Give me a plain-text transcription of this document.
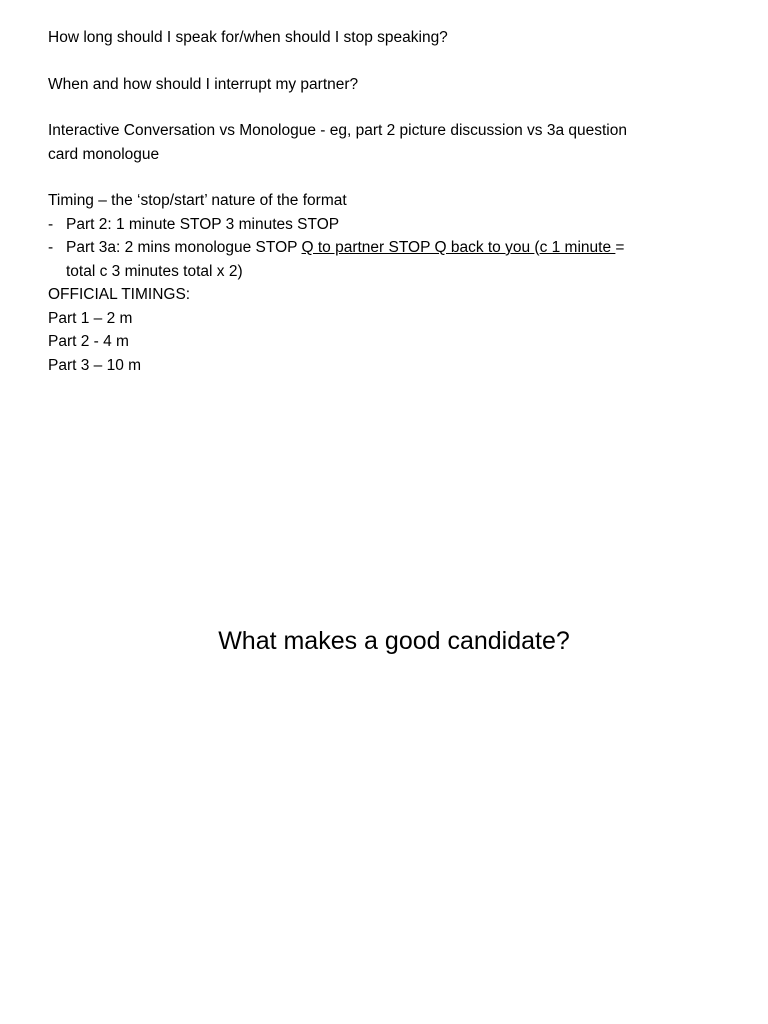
How long should I speak for/when should I stop speaking?

When and how should I interrupt my partner?

Interactive Conversation vs Monologue - eg, part 2 picture discussion vs 3a question

card monologue

Timing – the ‘stop/start’ nature of the format

- Part 2: 1 minute STOP 3 minutes STOP
- Part 3a: 2 mins monologue STOP Q to partner STOP Q back to you (c 1 minute =
total c 3 minutes total x 2)

OFFICIAL TIMINGS:

Part 1 – 2 m

Part 2 - 4 m

Part 3 – 10 m

What makes a good candidate?
